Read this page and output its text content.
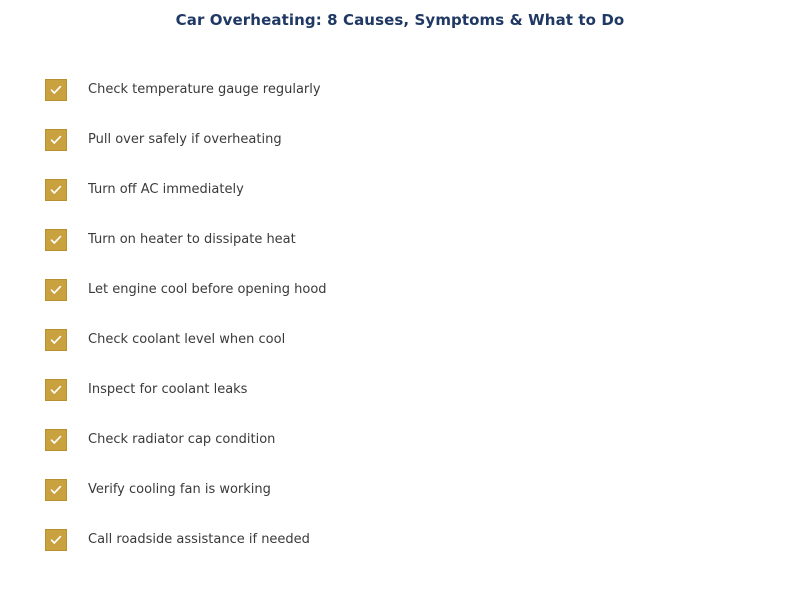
Car Overheating: 8 Causes, Symptoms & What to Do
Check temperature gauge regularly
Pull over safely if overheating
Turn off AC immediately
Turn on heater to dissipate heat
Let engine cool before opening hood
Check coolant level when cool
Inspect for coolant leaks
Check radiator cap condition
Verify cooling fan is working
Call roadside assistance if needed
